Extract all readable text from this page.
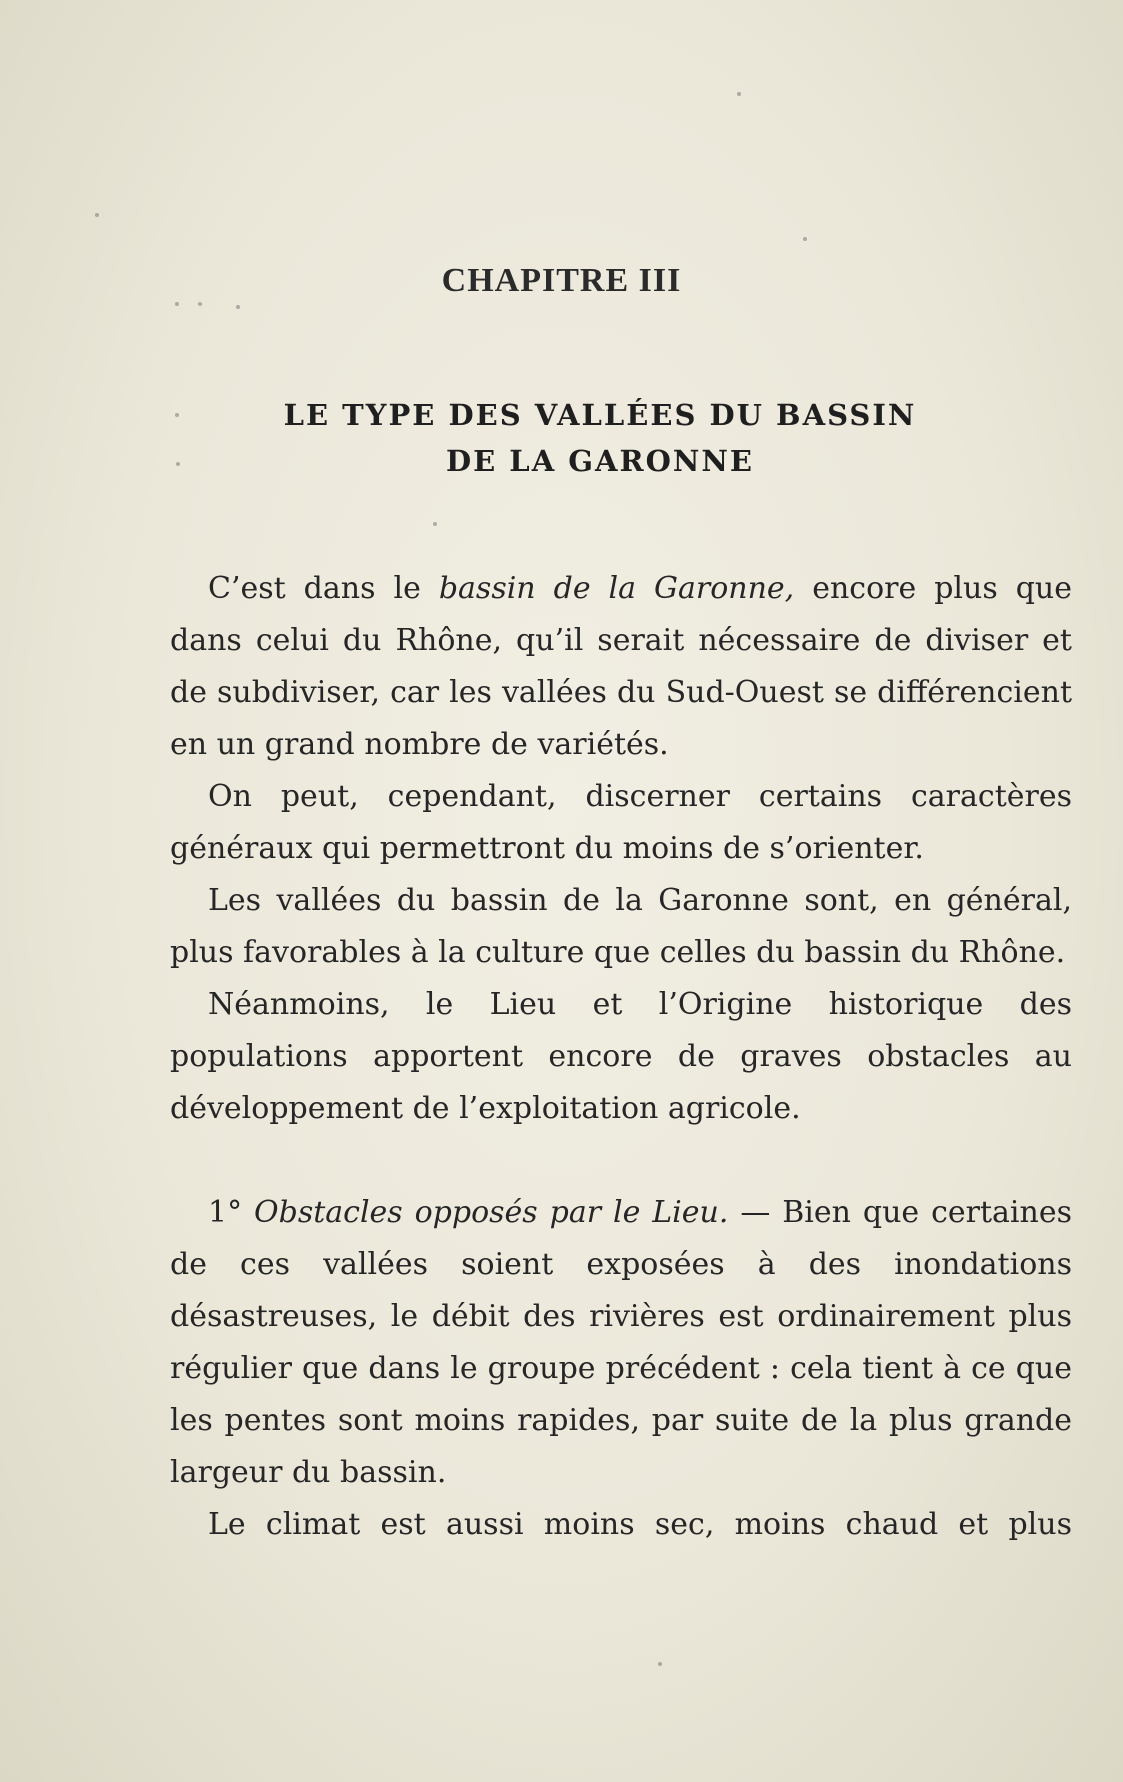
CHAPITRE III
LE TYPE DES VALLÉES DU BASSIN
DE LA GARONNE

C’est dans le bassin de la Garonne, encore plus que dans celui du Rhône, qu’il serait nécessaire de diviser et de subdiviser, car les vallées du Sud-Ouest se différencient en un grand nombre de variétés.

On peut, cependant, discerner certains caractères généraux qui permettront du moins de s’orienter.

Les vallées du bassin de la Garonne sont, en général, plus favorables à la culture que celles du bassin du Rhône.

Néanmoins, le Lieu et l’Origine historique des populations apportent encore de graves obstacles au développement de l’exploitation agricole.

1° Obstacles opposés par le Lieu. — Bien que certaines de ces vallées soient exposées à des inondations désastreuses, le débit des rivières est ordinairement plus régulier que dans le groupe précédent : cela tient à ce que les pentes sont moins rapides, par suite de la plus grande largeur du bassin.

Le climat est aussi moins sec, moins chaud et plus
